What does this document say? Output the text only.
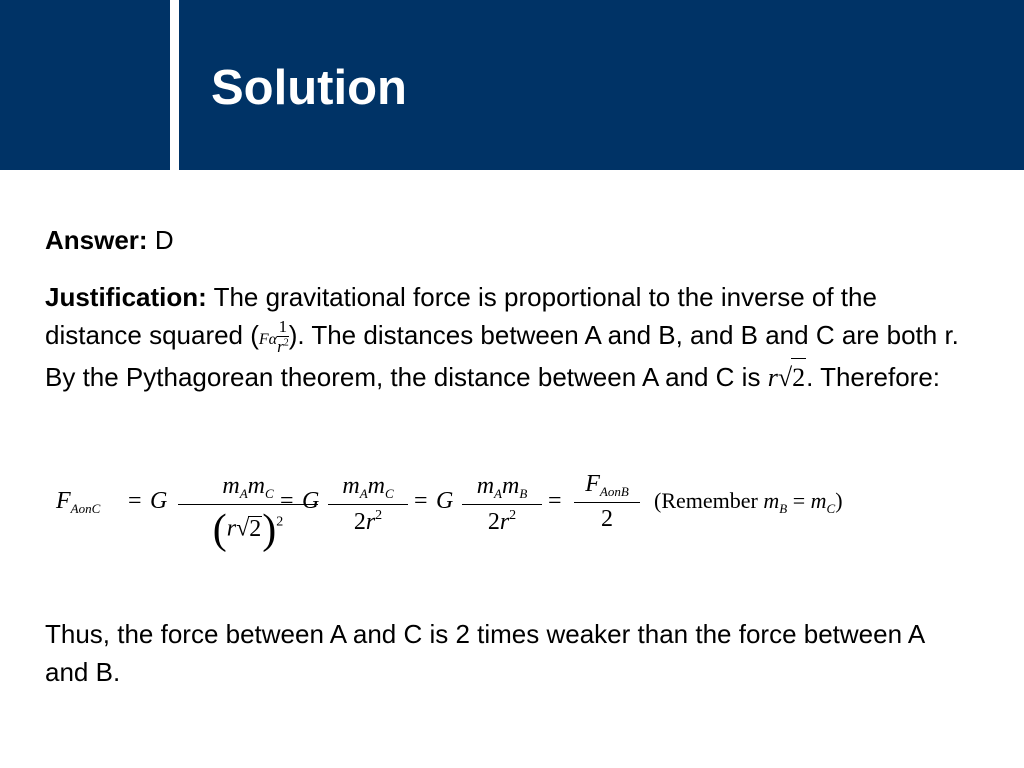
Solution
Answer: D
Justification: The gravitational force is proportional to the inverse of the distance squared ($F\alpha \frac{1}{r^2}$ ). The distances between A and B, and B and C are both r. By the Pythagorean theorem, the distance between A and C is r√2. Therefore:
$F_{AonC} = G$
$m_Am_C$
$(r√2)^2$
= G
$m_Am_C$
$2r^2$
= G
$m_Am_B$
$2r^2$
=
$F_{AonB}$
2
(Remember $m_B = m_C$)
Thus, the force between A and C is 2 times weaker than the force between A and B.
